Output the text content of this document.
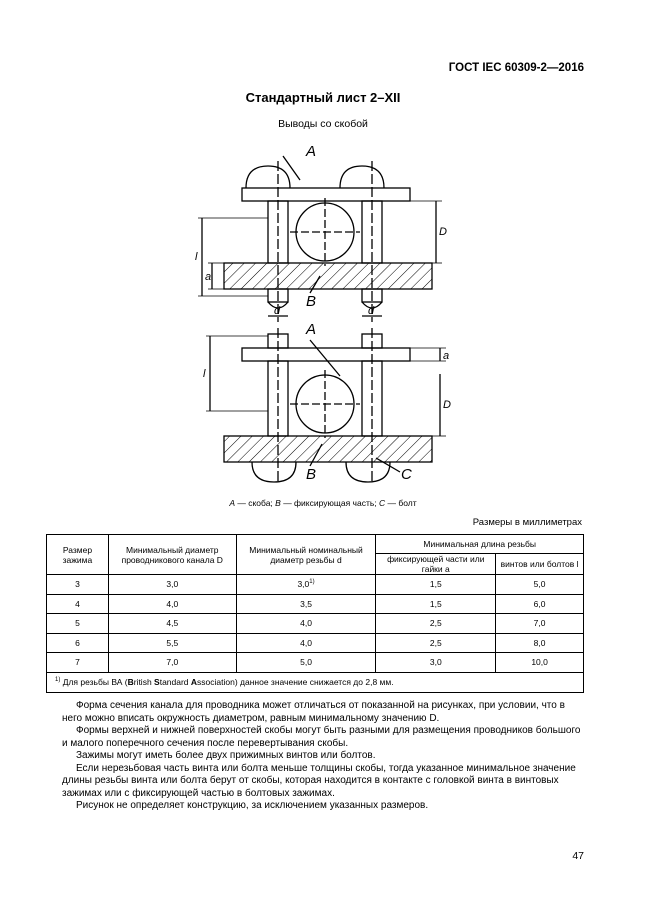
ГОСТ IEC 60309-2—2016
Стандартный лист 2–XII
Выводы со скобой
A
B
A
B	C
d	d
l
l
a
a
D
D
A — скоба; B — фиксирующая часть; C — болт
Размеры в миллиметрах
Размер зажима	Минимальный диаметр проводникового канала D	Минимальный номинальный диаметр резьбы d	Минимальная длина резьбы	
			фиксирующей части или гайки a	винтов или болтов l
3	3,0	3,0$^{1)}$	1,5	5,0
4	4,0	3,5	1,5	6,0
5	4,5	4,0	2,5	7,0
6	5,5	4,0	2,5	8,0
7	7,0	5,0	3,0	10,0
$^{1)}$ Для резьбы ВА (British Standard Association) данное значение снижается до 2,8 мм.				

Форма сечения канала для проводника может отличаться от показанной на рисунках, при условии, что в него можно вписать окружность диаметром, равным минимальному значению D.

Формы верхней и нижней поверхностей скобы могут быть разными для размещения проводников большого и малого поперечного сечения после перевертывания скобы.

Зажимы могут иметь более двух прижимных винтов или болтов.

Если нерезьбовая часть винта или болта меньше толщины скобы, тогда указанное минимальное значение длины резьбы винта или болта берут от скобы, которая находится в контакте с головкой винта в винтовых зажимах или с фиксирующей частью в болтовых зажимах.

Рисунок не определяет конструкцию, за исключением указанных размеров.

47
